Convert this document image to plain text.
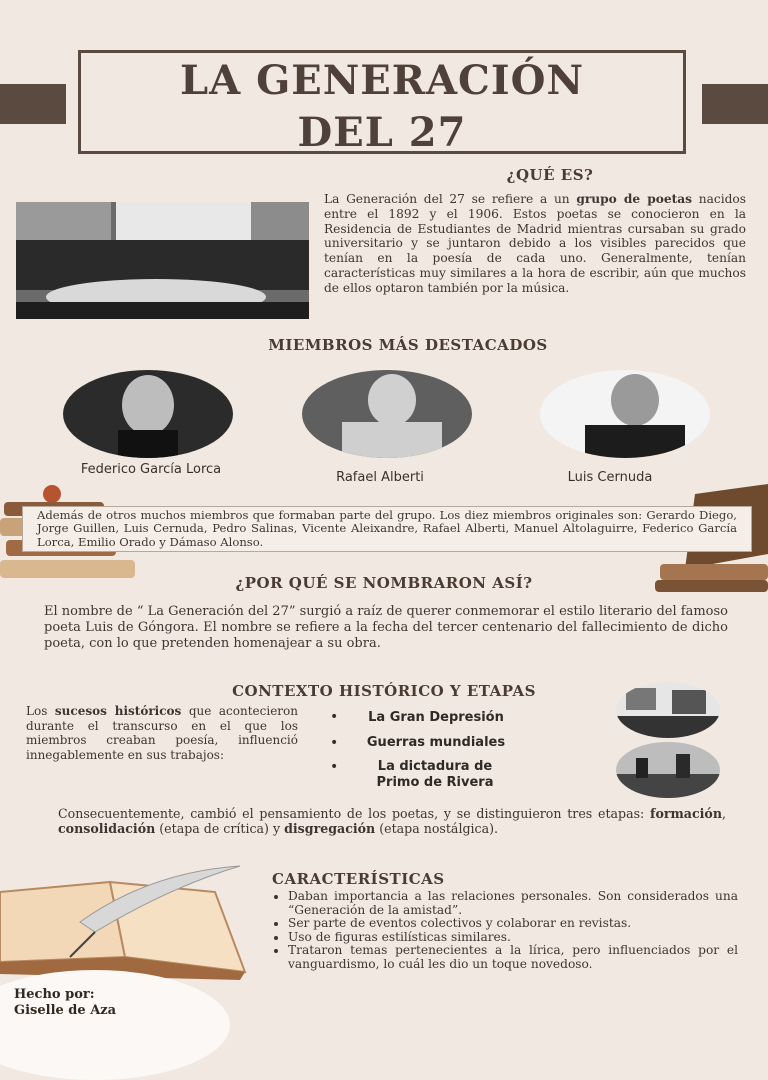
LA GENERACIÓN
DEL 27
¿QUÉ ES?
La Generación del 27 se refiere a un grupo de poetas nacidos entre el 1892 y el 1906. Estos poetas se conocieron en la Residencia de Estudiantes de Madrid mientras cursaban su grado universitario y se juntaron debido a los visibles parecidos que tenían en la poesía de cada uno. Generalmente, tenían características muy similares a la hora de escribir, aún que muchos de ellos optaron también por la música.
MIEMBROS MÁS DESTACADOS
Federico García Lorca
Rafael Alberti	Luis Cernuda
Además de otros muchos miembros que formaban parte del grupo. Los diez miembros originales son: Gerardo Diego, Jorge Guillen, Luis Cernuda, Pedro Salinas, Vicente Aleixandre, Rafael Alberti, Manuel Altolaguirre, Federico García Lorca, Emilio Orado y Dámaso Alonso.
¿POR QUÉ SE NOMBRARON ASÍ?
El nombre de “ La Generación del 27” surgió a raíz de querer conmemorar el estilo literario del famoso poeta Luis de Góngora. El nombre se refiere a la fecha del tercer centenario del fallecimiento de dicho poeta, con lo que pretenden homenajear a su obra.
CONTEXTO HISTÓRICO Y ETAPAS
Los sucesos históricos que acontecieron durante el transcurso en el que los miembros creaban poesía, influenció innegablemente en sus trabajos:
•	La Gran Depresión
•	Guerras mundiales
•	La dictadura de Primo de Rivera
Consecuentemente, cambió el pensamiento de los poetas, y se distinguieron tres etapas: formación, consolidación (etapa de crítica) y disgregación (etapa nostálgica).
CARACTERÍSTICAS
• Daban importancia a las relaciones personales. Son considerados una “Generación de la amistad”.
• Ser parte de eventos colectivos y colaborar en revistas.
• Uso de figuras estilísticas similares.
• Trataron temas pertenecientes a la lírica, pero influenciados por el vanguardismo, lo cuál les dio un toque novedoso.
Hecho por:
Giselle de Aza
